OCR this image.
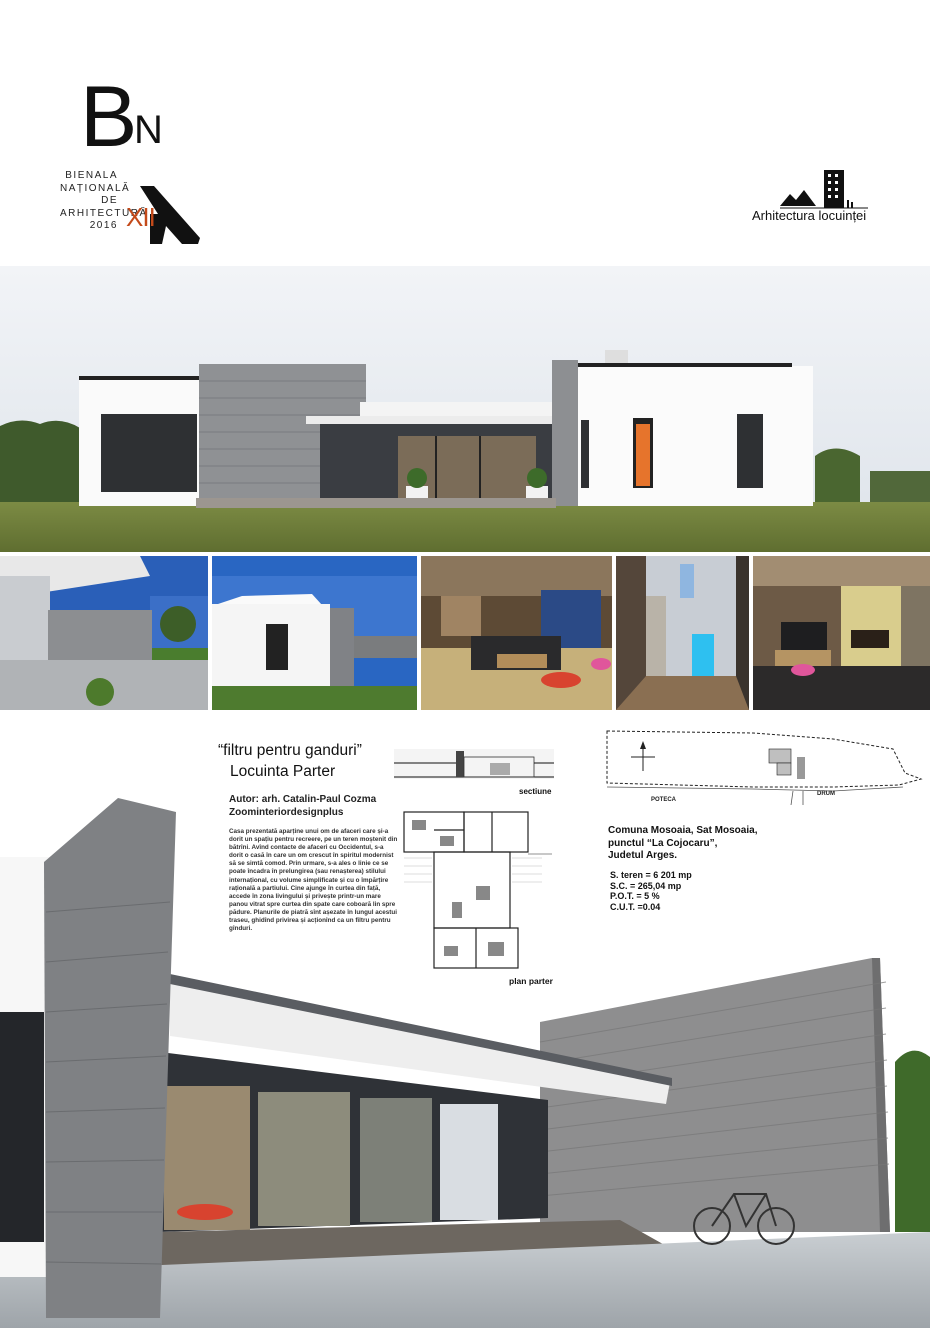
B
N
BIENALA
NAȚIONALĂ
DE
ARHITECTURĂ
2016 XII	Arhitectura locuinței
sectiune
plan parter
POTECA
DRUM
“filtru pentru ganduri”
Locuinta Parter
Autor: arh. Catalin-Paul Cozma
Zoominteriordesignplus
Casa prezentată aparține unui om de afaceri care și-a dorit un spațiu pentru recreere, pe un teren moștenit din bătrîni. Avînd contacte de afaceri cu Occidentul, s-a dorit o casă în care un om crescut în spiritul modernist să se simtă comod. Prin urmare, s-a ales o linie ce se poate încadra în prelungirea (sau renașterea) stilului internațional, cu volume simplificate și cu o împărțire rațională a partiului. Cine ajunge în curtea din față, accede în zona livingului și privește printr-un mare panou vitrat spre curtea din spate care coboară lin spre pădure. Planurile de piatră sînt așezate în lungul acestui traseu, ghidînd privirea și acționînd ca un filtru pentru gînduri.
Comuna Mosoaia, Sat Mosoaia,
punctul “La Cojocaru”,
Judetul Arges.
S. teren = 6 201 mp
S.C. = 265,04 mp
P.O.T. = 5 %
C.U.T. =0.04
